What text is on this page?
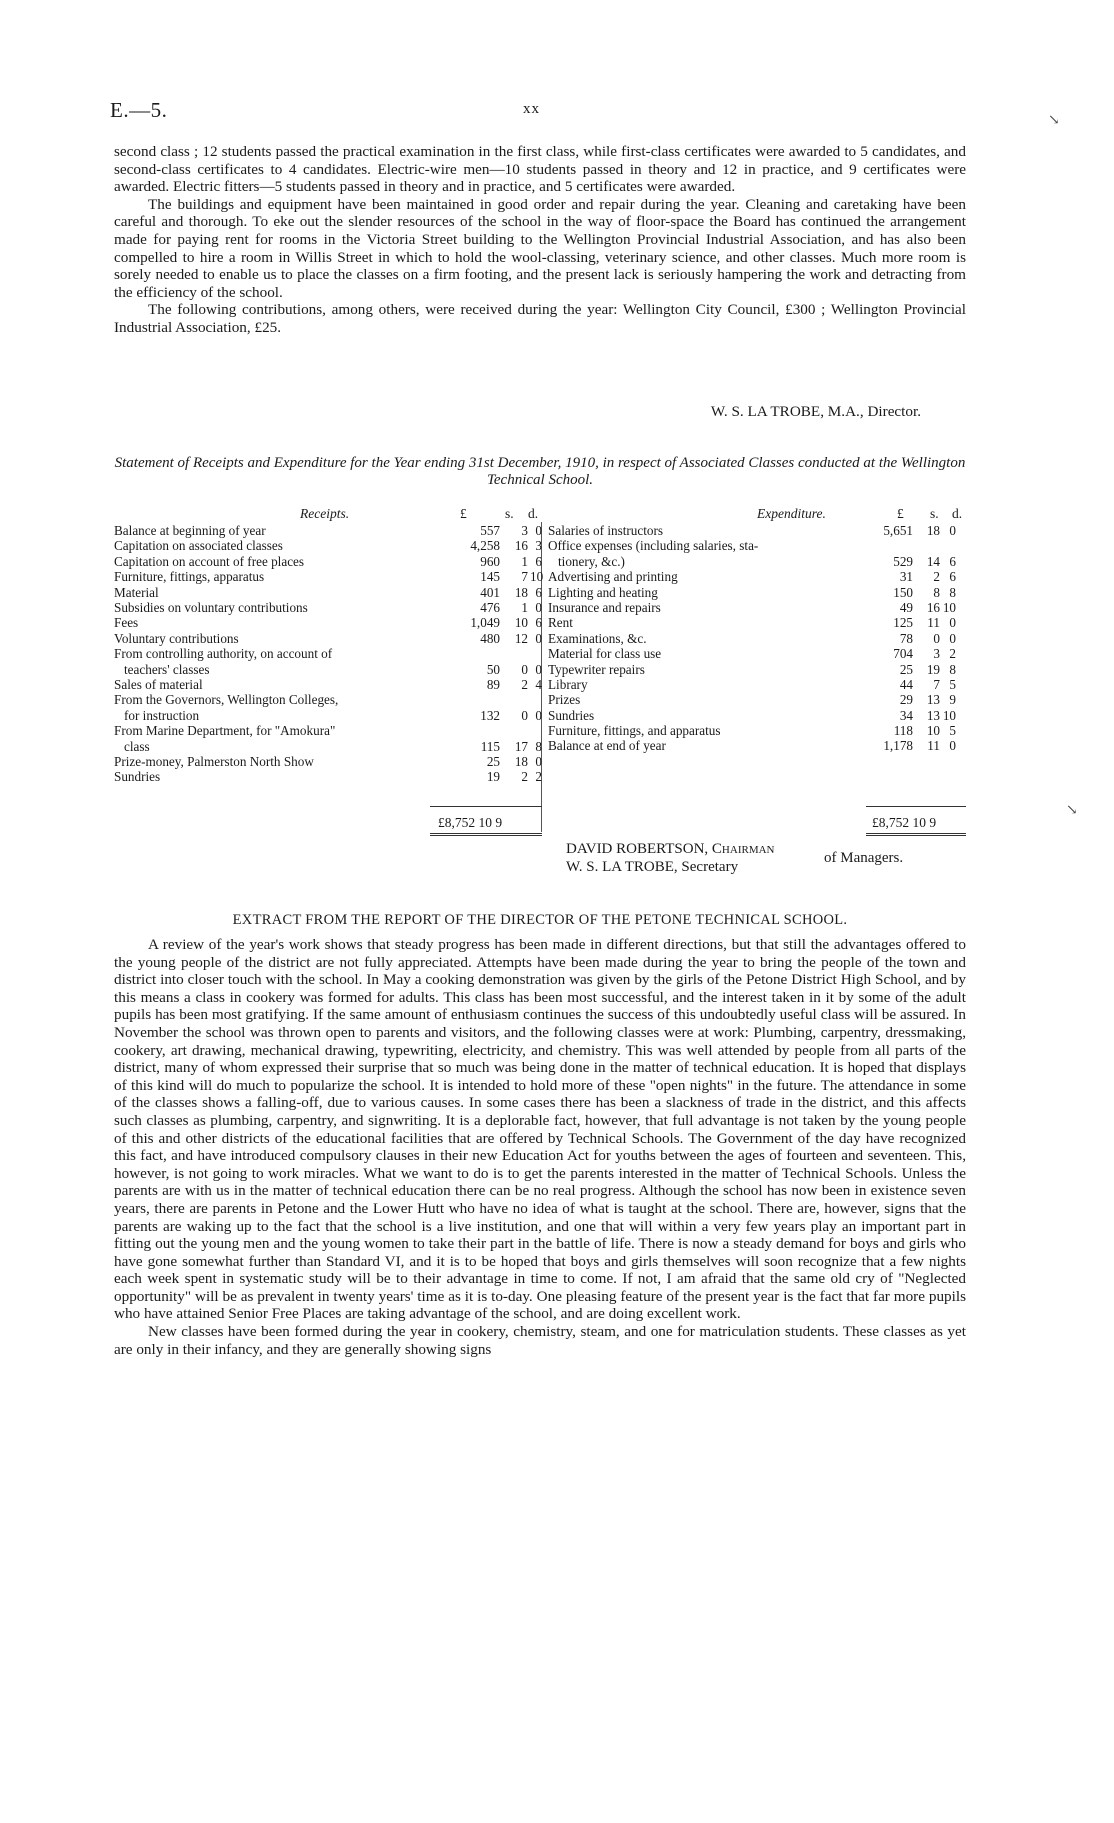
E.—5.	xx
↘
↘

second class ; 12 students passed the practical examination in the first class, while first-class certificates were awarded to 5 candidates, and second-class certificates to 4 candidates. Electric-wire men—10 students passed in theory and 12 in practice, and 9 certificates were awarded. Electric fitters—5 students passed in theory and in practice, and 5 certificates were awarded.

The buildings and equipment have been maintained in good order and repair during the year. Cleaning and caretaking have been careful and thorough. To eke out the slender resources of the school in the way of floor-space the Board has continued the arrangement made for paying rent for rooms in the Victoria Street building to the Wellington Provincial Industrial Association, and has also been compelled to hire a room in Willis Street in which to hold the wool-classing, veterinary science, and other classes. Much more room is sorely needed to enable us to place the classes on a firm footing, and the present lack is seriously hampering the work and detracting from the efficiency of the school.

The following contributions, among others, were received during the year: Wellington City Council, £300 ; Wellington Provincial Industrial Association, £25.

W. S. LA TROBE, M.A., Director.
Statement of Receipts and Expenditure for the Year ending 31st December, 1910, in respect of Associated Classes conducted at the Wellington Technical School.
Receipts.	£	s. d.	Expenditure.	£ s. d.
Balance at beginning of year	557	3 0
Capitation on associated classes	4,258	16 3
Capitation on account of free places	960	1 6
Furniture, fittings, apparatus	145	7 10
Material	401	18 6
Subsidies on voluntary contributions	476	1 0
Fees	1,049	10 6
Voluntary contributions	480	12 0
From controlling authority, on account of
teachers' classes	50	0 0
Sales of material	89	2 4
From the Governors, Wellington Colleges,
for instruction	132	0 0
From Marine Department, for "Amokura"
class	115	17 8
Prize-money, Palmerston North Show	25	18 0
Sundries	19	2 2
Salaries of instructors	5,651	18 0
Office expenses (including salaries, sta-
tionery, &c.)	529	14 6
Advertising and printing	31	2 6
Lighting and heating	150	8 8
Insurance and repairs	49	16 10
Rent	125	11 0
Examinations, &c.	78	0 0
Material for class use	704	3 2
Typewriter repairs	25	19 8
Library	44	7 5
Prizes	29	13 9
Sundries	34	13 10
Furniture, fittings, and apparatus	118	10 5
Balance at end of year	1,178	11 0
£8,752 10 9	£8,752 10 9
DAVID ROBERTSON, Chairman
W. S. LA TROBE, Secretary
of Managers.
EXTRACT FROM THE REPORT OF THE DIRECTOR OF THE PETONE TECHNICAL SCHOOL.

A review of the year's work shows that steady progress has been made in different directions, but that still the advantages offered to the young people of the district are not fully appreciated. Attempts have been made during the year to bring the people of the town and district into closer touch with the school. In May a cooking demonstration was given by the girls of the Petone District High School, and by this means a class in cookery was formed for adults. This class has been most successful, and the interest taken in it by some of the adult pupils has been most gratifying. If the same amount of enthusiasm continues the success of this undoubtedly useful class will be assured. In November the school was thrown open to parents and visitors, and the following classes were at work: Plumbing, carpentry, dressmaking, cookery, art drawing, mechanical drawing, typewriting, electricity, and chemistry. This was well attended by people from all parts of the district, many of whom expressed their surprise that so much was being done in the matter of technical education. It is hoped that displays of this kind will do much to popularize the school. It is intended to hold more of these "open nights" in the future. The attendance in some of the classes shows a falling-off, due to various causes. In some cases there has been a slackness of trade in the district, and this affects such classes as plumbing, carpentry, and signwriting. It is a deplorable fact, however, that full advantage is not taken by the young people of this and other districts of the educational facilities that are offered by Technical Schools. The Government of the day have recognized this fact, and have introduced compulsory clauses in their new Education Act for youths between the ages of fourteen and seventeen. This, however, is not going to work miracles. What we want to do is to get the parents interested in the matter of Technical Schools. Unless the parents are with us in the matter of technical education there can be no real progress. Although the school has now been in existence seven years, there are parents in Petone and the Lower Hutt who have no idea of what is taught at the school. There are, however, signs that the parents are waking up to the fact that the school is a live institution, and one that will within a very few years play an important part in fitting out the young men and the young women to take their part in the battle of life. There is now a steady demand for boys and girls who have gone somewhat further than Standard VI, and it is to be hoped that boys and girls themselves will soon recognize that a few nights each week spent in systematic study will be to their advantage in time to come. If not, I am afraid that the same old cry of "Neglected opportunity" will be as prevalent in twenty years' time as it is to-day. One pleasing feature of the present year is the fact that far more pupils who have attained Senior Free Places are taking advantage of the school, and are doing excellent work.

New classes have been formed during the year in cookery, chemistry, steam, and one for matriculation students. These classes as yet are only in their infancy, and they are generally showing signs
